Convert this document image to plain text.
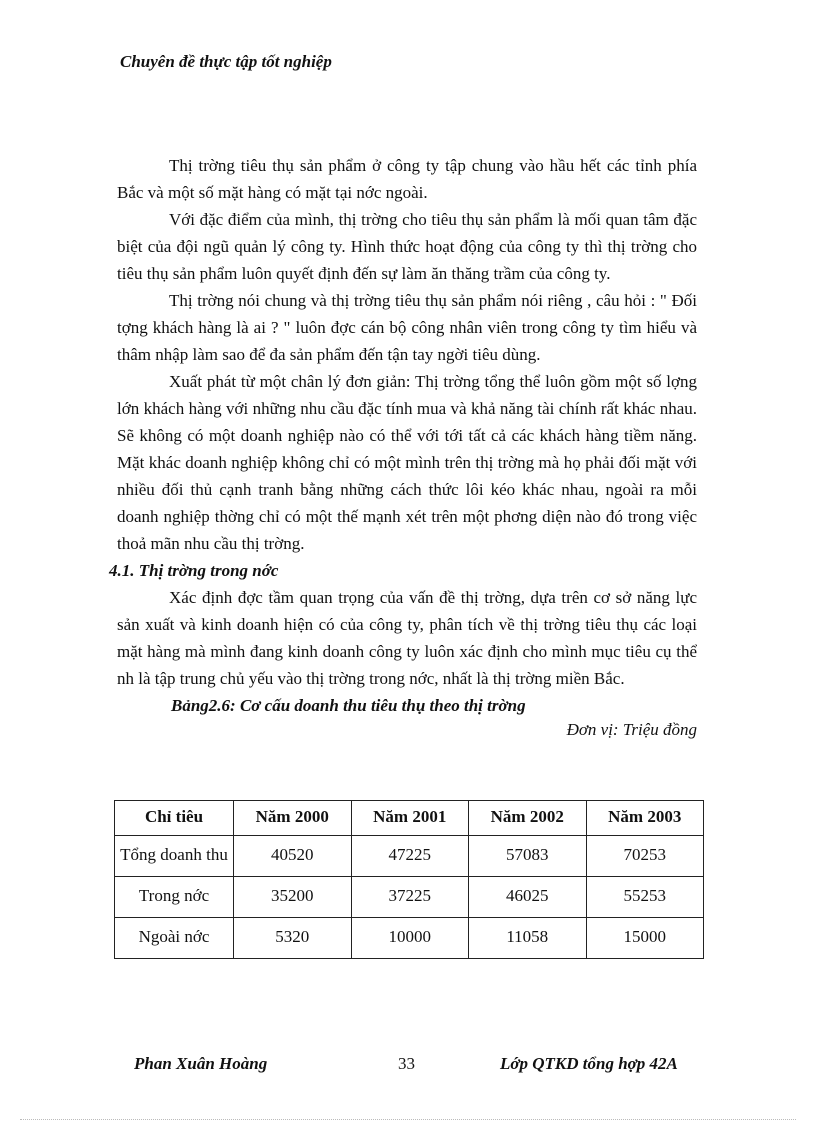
Chuyên đề thực tập tốt nghiệp

Thị trờng tiêu thụ sản phẩm ở công ty tập chung vào hầu hết các tỉnh phía Bắc và một số mặt hàng có mặt tại nớc ngoài.

Với đặc điểm của mình, thị trờng cho tiêu thụ sản phẩm là mối quan tâm đặc biệt của đội ngũ quản lý công ty. Hình thức hoạt động của công ty thì thị trờng cho tiêu thụ sản phẩm luôn quyết định đến sự làm ăn thăng trầm của công ty.

Thị trờng nói chung và thị trờng tiêu thụ sản phẩm nói riêng , câu hỏi : " Đối tợng khách hàng là ai ? " luôn đợc cán bộ công nhân viên trong công ty tìm hiểu và thâm nhập làm sao để đa sản phẩm đến tận tay ngời tiêu dùng.

Xuất phát từ một chân lý đơn giản: Thị trờng tổng thể luôn gồm một số lợng lớn khách hàng với những nhu cầu đặc tính mua và khả năng tài chính rất khác nhau. Sẽ không có một doanh nghiệp nào có thể với tới tất cả các khách hàng tiềm năng. Mặt khác doanh nghiệp không chỉ có một mình trên thị trờng mà họ phải đối mặt với nhiều đối thủ cạnh tranh bằng những cách thức lôi kéo khác nhau, ngoài ra mỗi doanh nghiệp thờng chỉ có một thế mạnh xét trên một phơng diện nào đó trong việc thoả mãn nhu cầu thị trờng.

4.1. Thị trờng trong nớc

Xác định đợc tầm quan trọng của vấn đề thị trờng, dựa trên cơ sở năng lực sản xuất và kinh doanh hiện có của công ty, phân tích về thị trờng tiêu thụ các loại mặt hàng mà mình đang kinh doanh công ty luôn xác định cho mình mục tiêu cụ thể nh là tập trung chủ yếu vào thị trờng trong nớc, nhất là thị trờng miền Bắc.

Bảng2.6: Cơ cấu doanh thu tiêu thụ theo thị trờng

Đơn vị: Triệu đồng

Chỉ tiêu	Năm 2000	Năm 2001	Năm 2002	Năm 2003
Tổng doanh thu	40520	47225	57083	70253
Trong nớc	35200	37225	46025	55253
Ngoài nớc	5320	10000	11058	15000
Phan Xuân Hoàng	33	Lớp QTKD tổng hợp 42A
